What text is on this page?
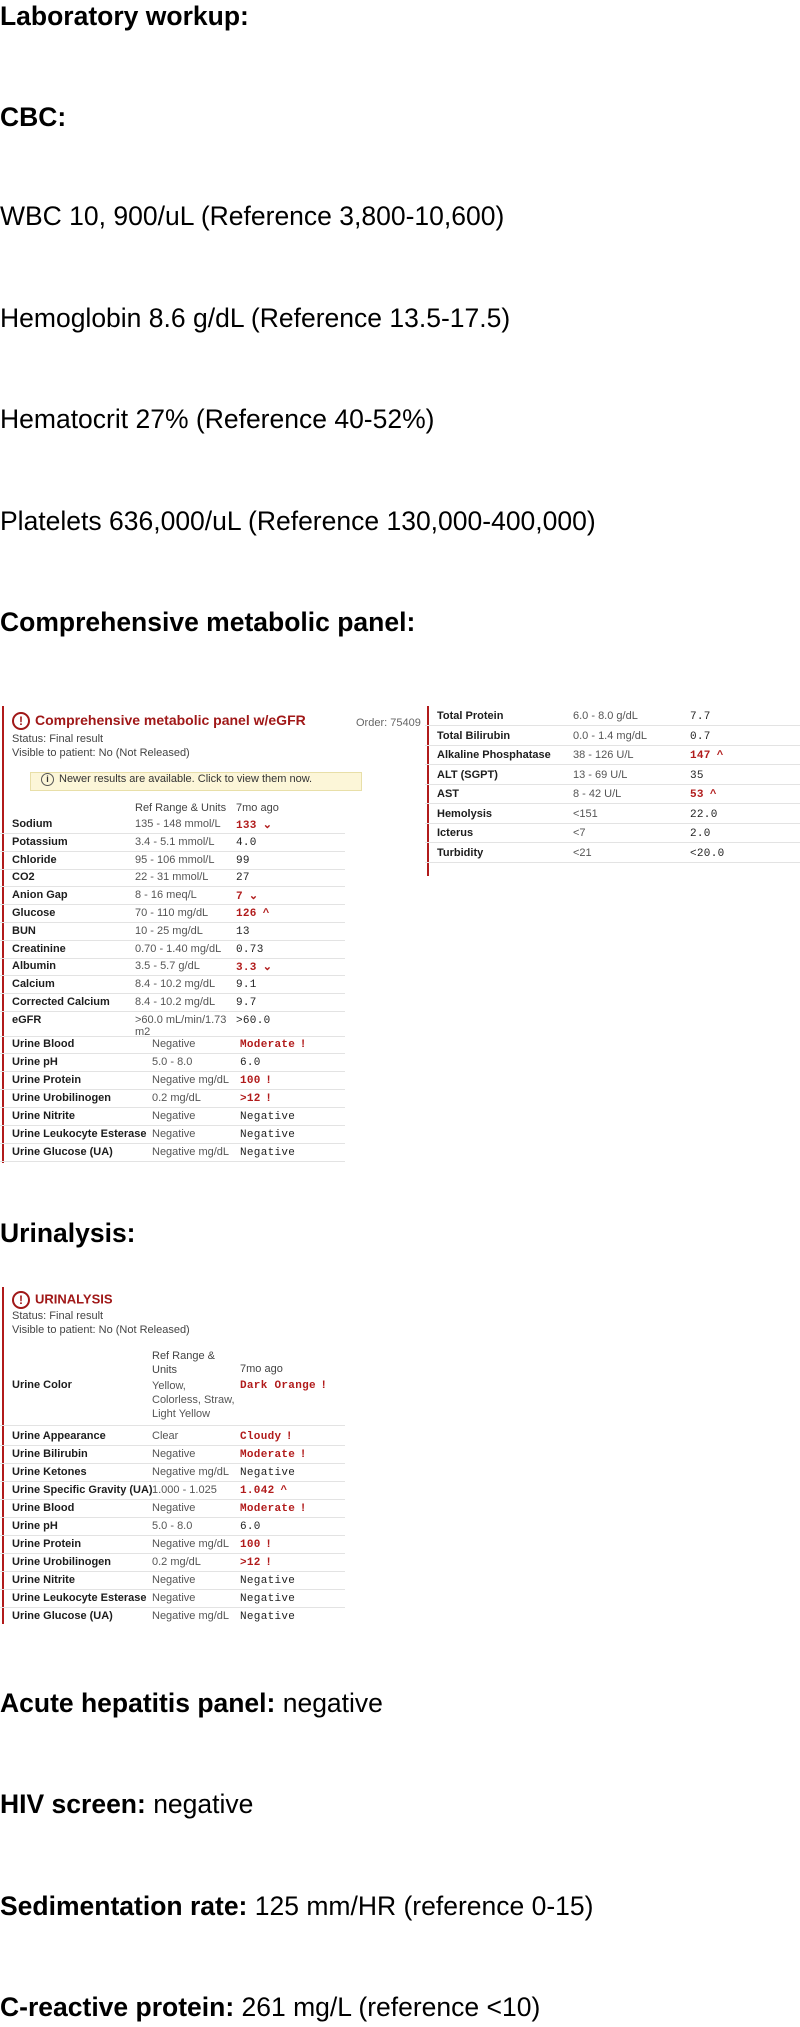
Laboratory workup:
CBC:
WBC 10, 900/uL (Reference 3,800-10,600)
Hemoglobin 8.6 g/dL (Reference 13.5-17.5)
Hematocrit 27% (Reference 40-52%)
Platelets 636,000/uL (Reference 130,000-400,000)
Comprehensive metabolic panel:
! Comprehensive metabolic panel w/eGFR	Order: 75409
Status: Final result
Visible to patient: No (Not Released)
i Newer results are available. Click to view them now.
Ref Range & Units 7mo ago
Sodium	135 - 148 mmol/L 133 ⌄
Potassium	3.4 - 5.1 mmol/L 4.0
Chloride	95 - 106 mmol/L 99
CO2	22 - 31 mmol/L	27
Anion Gap	8 - 16 meq/L	7 ⌄
Glucose	70 - 110 mg/dL	126 ^
BUN	10 - 25 mg/dL	13
Creatinine	0.70 - 1.40 mg/dL 0.73
Albumin	3.5 - 5.7 g/dL	3.3 ⌄
Calcium	8.4 - 10.2 mg/dL 9.1
Corrected Calcium 8.4 - 10.2 mg/dL 9.7
eGFR	>60.0 mL/min/1.73 m2
>60.0
Urine Blood	Negative	Moderate !
Urine pH	5.0 - 8.0	6.0
Urine Protein	Negative mg/dL 100 !
Urine Urobilinogen	0.2 mg/dL	>12 !
Urine Nitrite	Negative	Negative
Urine Leukocyte Esterase Negative	Negative
Urine Glucose (UA)	Negative mg/dL Negative
Total Protein	6.0 - 8.0 g/dL	7.7
Total Bilirubin	0.0 - 1.4 mg/dL	0.7
Alkaline Phosphatase 38 - 126 U/L	147 ^
ALT (SGPT)	13 - 69 U/L	35
AST	8 - 42 U/L	53 ^
Hemolysis	<151	22.0
Icterus	<7	2.0
Turbidity	<21	<20.0
Urinalysis:
! URINALYSIS
Status: Final result
Visible to patient: No (Not Released)
Ref Range & Units	7mo ago
Urine Color	Yellow, Colorless, Straw, Light Yellow
Dark Orange !
Urine Appearance	Clear	Cloudy !
Urine Bilirubin	Negative	Moderate !
Urine Ketones	Negative mg/dL Negative
Urine Specific Gravity (UA) 1.000 - 1.025 1.042 ^
Urine Blood	Negative	Moderate !
Urine pH	5.0 - 8.0	6.0
Urine Protein	Negative mg/dL 100 !
Urine Urobilinogen	0.2 mg/dL	>12 !
Urine Nitrite	Negative	Negative
Urine Leukocyte Esterase Negative	Negative
Urine Glucose (UA)	Negative mg/dL Negative
Acute hepatitis panel: negative
HIV screen: negative
Sedimentation rate: 125 mm/HR (reference 0-15)
C-reactive protein: 261 mg/L (reference <10)
